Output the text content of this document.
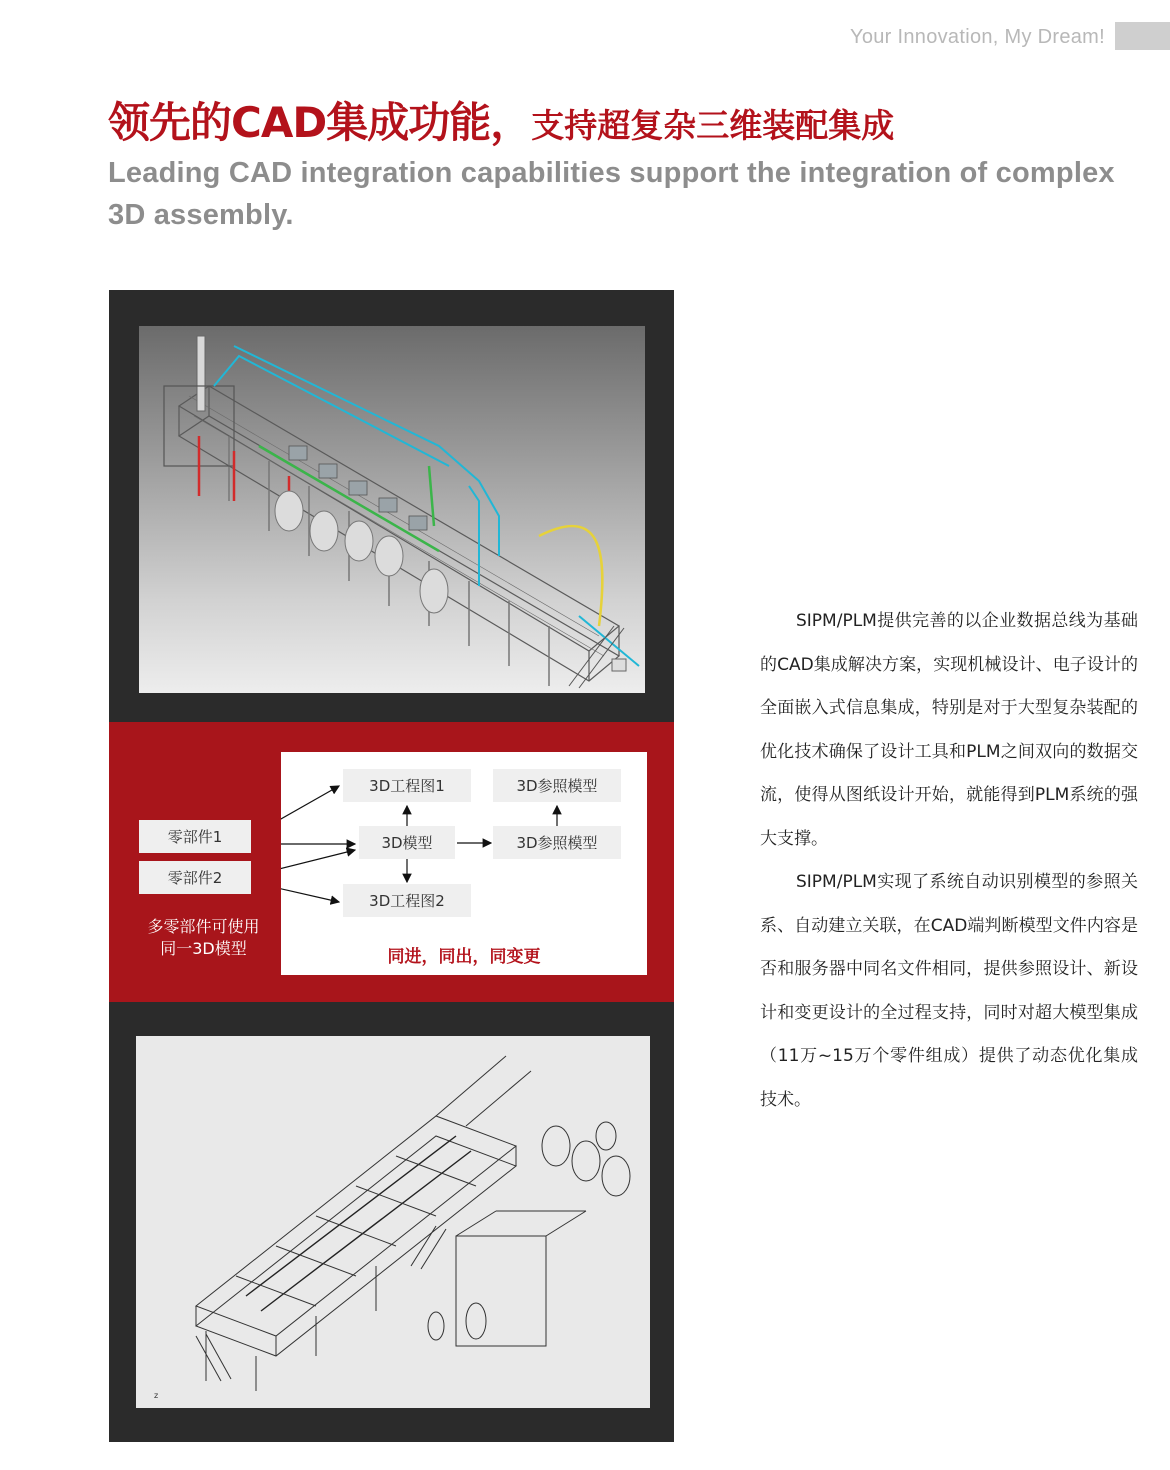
Your Innovation, My Dream!
领先的CAD集成功能，支持超复杂三维装配集成
Leading CAD integration capabilities support the integration of complex 3D assembly.
零部件1
零部件2
多零部件可使用
同一3D模型
3D工程图1	3D参照模型
3D模型	3D参照模型
3D工程图2
同进，同出，同变更
z

SIPM/PLM提供完善的以企业数据总线为基础的CAD集成解决方案，实现机械设计、电子设计的全面嵌入式信息集成，特别是对于大型复杂装配的优化技术确保了设计工具和PLM之间双向的数据交流，使得从图纸设计开始，就能得到PLM系统的强大支撑。

SIPM/PLM实现了系统自动识别模型的参照关系、自动建立关联，在CAD端判断模型文件内容是否和服务器中同名文件相同，提供参照设计、新设计和变更设计的全过程支持，同时对超大模型集成（11万~15万个零件组成）提供了动态优化集成技术。
